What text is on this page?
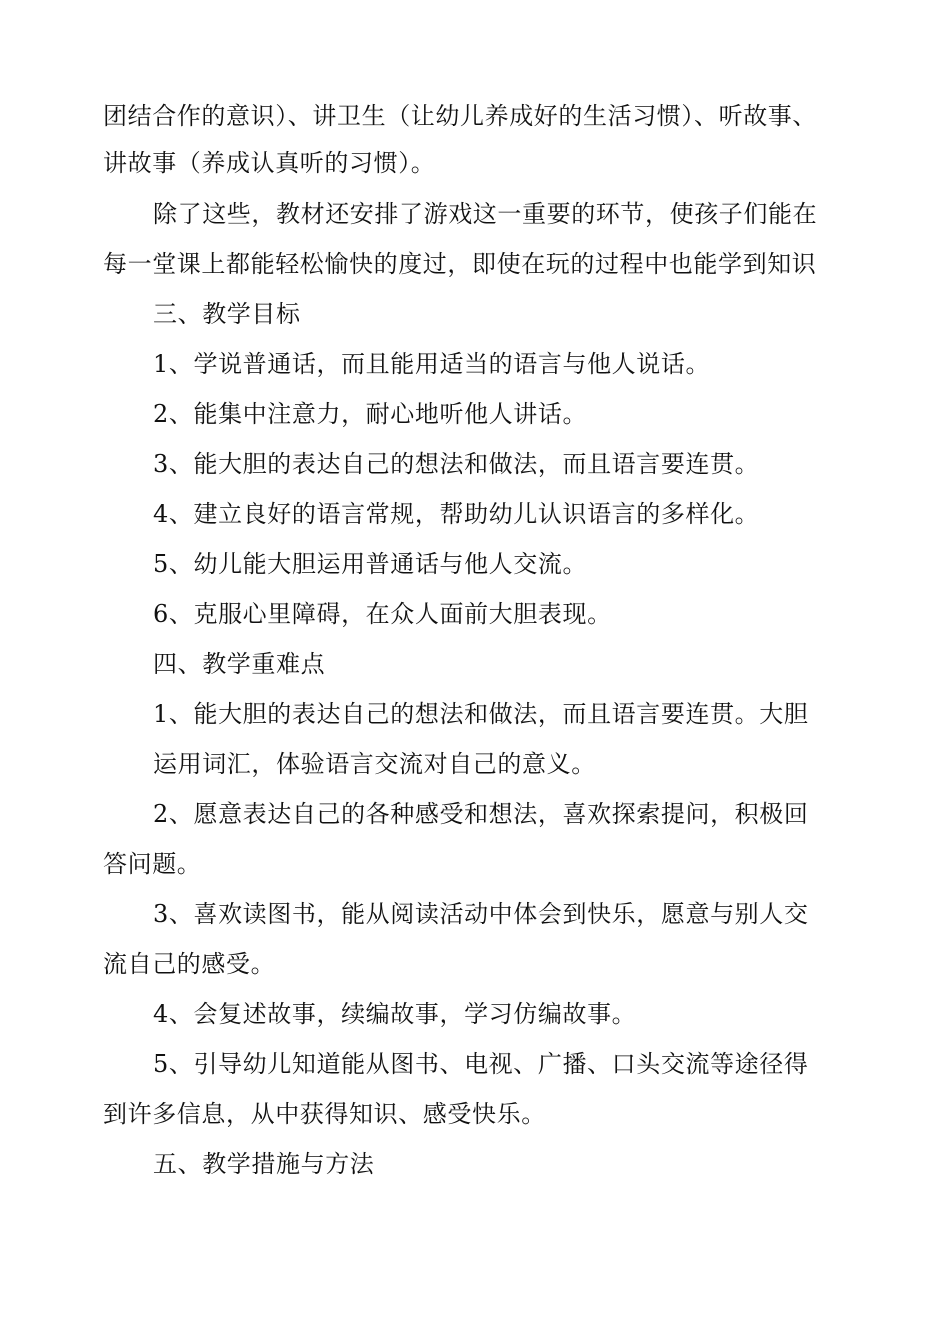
团结合作的意识）、讲卫生（让幼儿养成好的生活习惯）、听故事、
讲故事（养成认真听的习惯）。
除了这些，教材还安排了游戏这一重要的环节，使孩子们能在
每一堂课上都能轻松愉快的度过，即使在玩的过程中也能学到知识
三、教学目标
1、学说普通话，而且能用适当的语言与他人说话。
2、能集中注意力，耐心地听他人讲话。
3、能大胆的表达自己的想法和做法，而且语言要连贯。
4、建立良好的语言常规，帮助幼儿认识语言的多样化。
5、幼儿能大胆运用普通话与他人交流。
6、克服心里障碍，在众人面前大胆表现。
四、教学重难点
1、能大胆的表达自己的想法和做法，而且语言要连贯。大胆
运用词汇，体验语言交流对自己的意义。
2、愿意表达自己的各种感受和想法，喜欢探索提问，积极回
答问题。
3、喜欢读图书，能从阅读活动中体会到快乐，愿意与别人交
流自己的感受。
4、会复述故事，续编故事，学习仿编故事。
5、引导幼儿知道能从图书、电视、广播、口头交流等途径得
到许多信息，从中获得知识、感受快乐。
五、教学措施与方法
